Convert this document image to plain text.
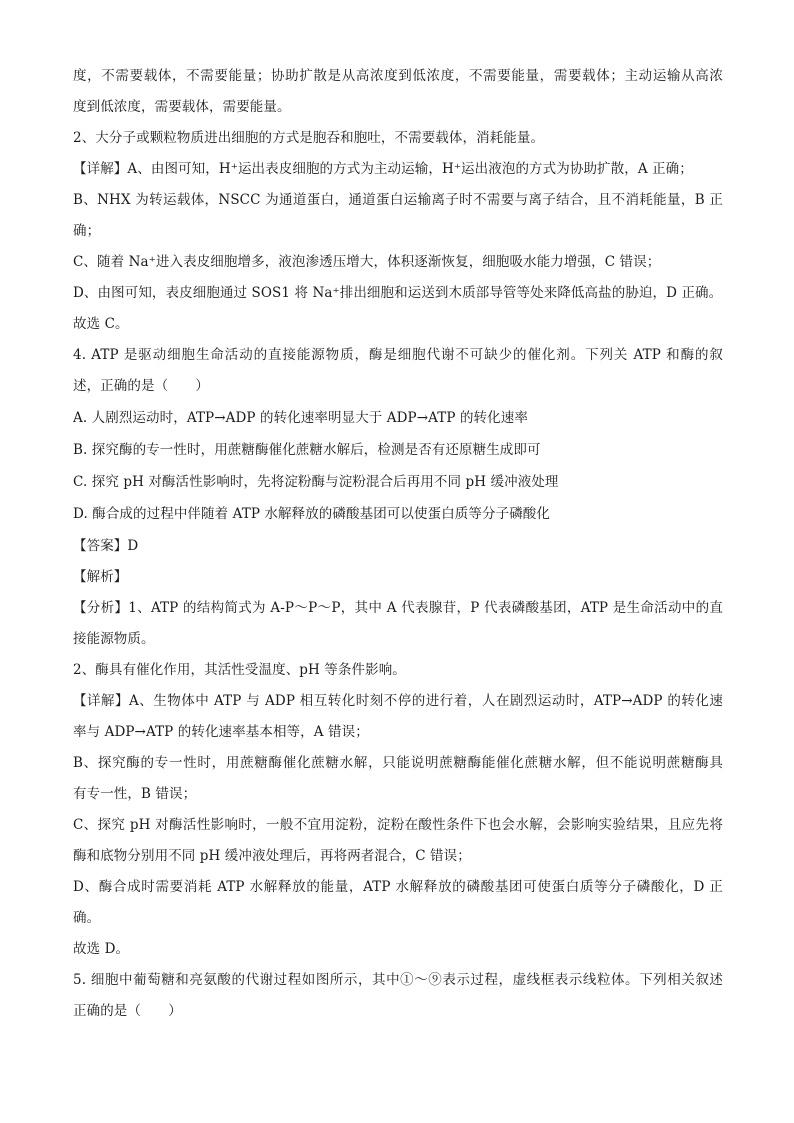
度，不需要载体，不需要能量；协助扩散是从高浓度到低浓度，不需要能量，需要载体；主动运输从高浓
度到低浓度，需要载体，需要能量。
2、大分子或颗粒物质进出细胞的方式是胞吞和胞吐，不需要载体，消耗能量。
【详解】A、由图可知，H⁺运出表皮细胞的方式为主动运输，H⁺运出液泡的方式为协助扩散，A 正确；
B、NHX 为转运载体，NSCC 为通道蛋白，通道蛋白运输离子时不需要与离子结合，且不消耗能量，B 正
确；
C、随着 Na⁺进入表皮细胞增多，液泡渗透压增大，体积逐渐恢复，细胞吸水能力增强，C 错误；
D、由图可知，表皮细胞通过 SOS1 将 Na⁺排出细胞和运送到木质部导管等处来降低高盐的胁迫，D 正确。
故选 C。
4. ATP 是驱动细胞生命活动的直接能源物质，酶是细胞代谢不可缺少的催化剂。下列关 ATP 和酶的叙
述，正确的是（　　）
A. 人剧烈运动时，ATP→ADP 的转化速率明显大于 ADP→ATP 的转化速率
B. 探究酶的专一性时，用蔗糖酶催化蔗糖水解后，检测是否有还原糖生成即可
C. 探究 pH 对酶活性影响时，先将淀粉酶与淀粉混合后再用不同 pH 缓冲液处理
D. 酶合成的过程中伴随着 ATP 水解释放的磷酸基团可以使蛋白质等分子磷酸化
【答案】D
【解析】
【分析】1、ATP 的结构简式为 A-P～P～P，其中 A 代表腺苷，P 代表磷酸基团，ATP 是生命活动中的直
接能源物质。
2、酶具有催化作用，其活性受温度、pH 等条件影响。
【详解】A、生物体中 ATP 与 ADP 相互转化时刻不停的进行着，人在剧烈运动时，ATP→ADP 的转化速
率与 ADP→ATP 的转化速率基本相等，A 错误；
B、探究酶的专一性时，用蔗糖酶催化蔗糖水解，只能说明蔗糖酶能催化蔗糖水解，但不能说明蔗糖酶具
有专一性，B 错误；
C、探究 pH 对酶活性影响时，一般不宜用淀粉，淀粉在酸性条件下也会水解，会影响实验结果，且应先将
酶和底物分别用不同 pH 缓冲液处理后，再将两者混合，C 错误；
D、酶合成时需要消耗 ATP 水解释放的能量，ATP 水解释放的磷酸基团可使蛋白质等分子磷酸化，D 正
确。
故选 D。
5. 细胞中葡萄糖和亮氨酸的代谢过程如图所示，其中①～⑨表示过程，虚线框表示线粒体。下列相关叙述
正确的是（　　）
